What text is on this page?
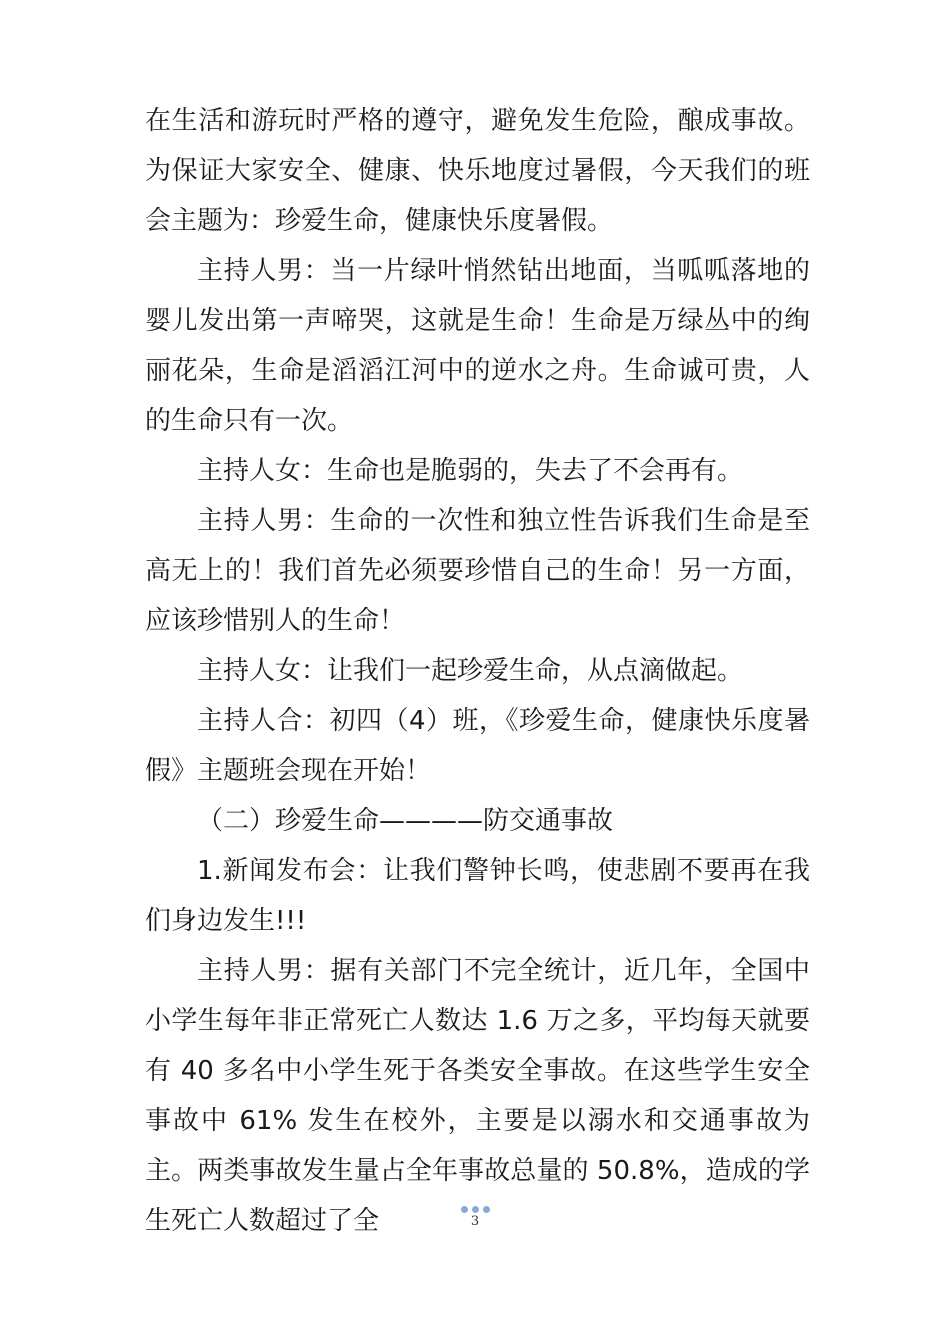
在生活和游玩时严格的遵守，避免发生危险，酿成事故。为保证大家安全、健康、快乐地度过暑假，今天我们的班会主题为：珍爱生命，健康快乐度暑假。

主持人男：当一片绿叶悄然钻出地面，当呱呱落地的婴儿发出第一声啼哭，这就是生命！生命是万绿丛中的绚丽花朵，生命是滔滔江河中的逆水之舟。生命诚可贵，人的生命只有一次。

主持人女：生命也是脆弱的，失去了不会再有。

主持人男：生命的一次性和独立性告诉我们生命是至高无上的！我们首先必须要珍惜自己的生命！另一方面，应该珍惜别人的生命！

主持人女：让我们一起珍爱生命，从点滴做起。

主持人合：初四（4）班，《珍爱生命，健康快乐度暑假》主题班会现在开始！

（二）珍爱生命————防交通事故

1.新闻发布会：让我们警钟长鸣，使悲剧不要再在我们身边发生!!!

主持人男：据有关部门不完全统计，近几年，全国中小学生每年非正常死亡人数达 1.6 万之多，平均每天就要有 40 多名中小学生死于各类安全事故。在这些学生安全事故中 61% 发生在校外，主要是以溺水和交通事故为主。两类事故发生量占全年事故总量的 50.8%，造成的学生死亡人数超过了全	3
